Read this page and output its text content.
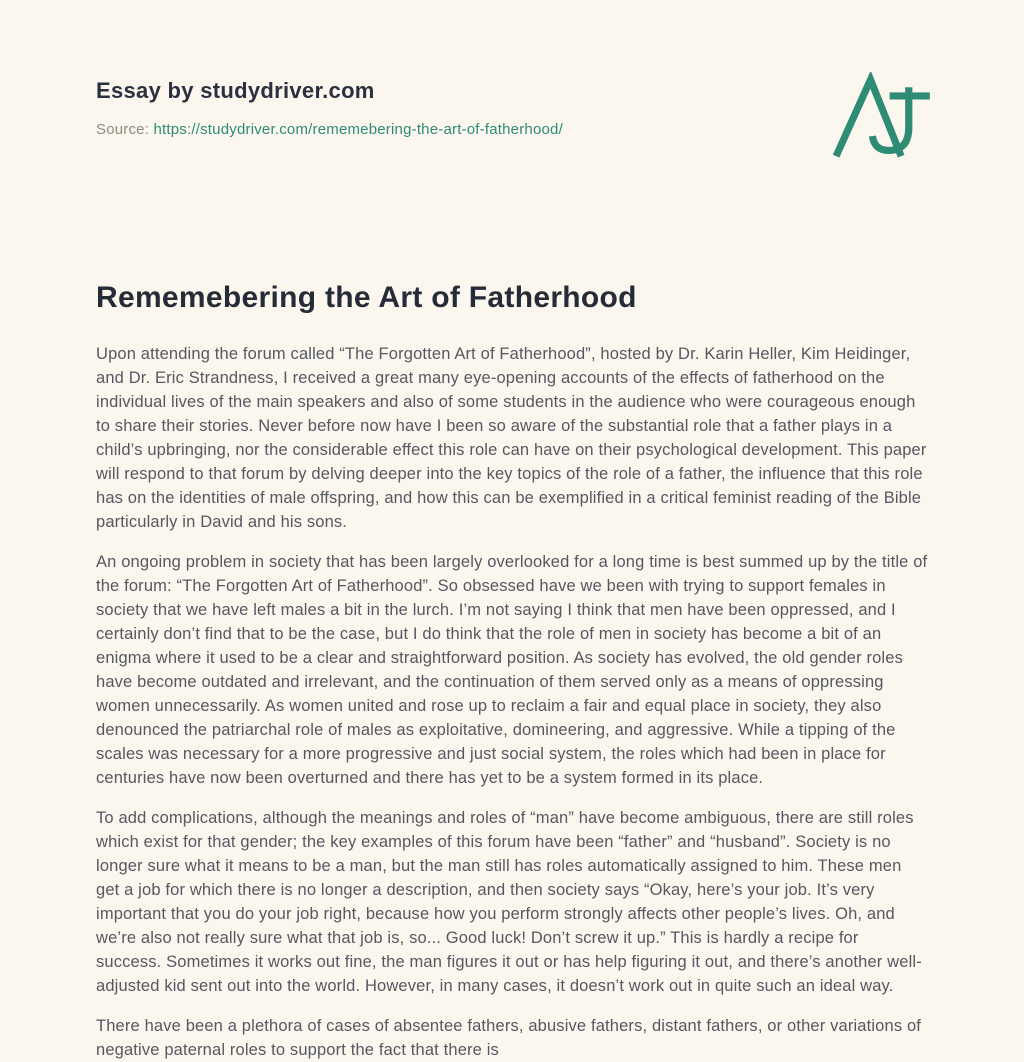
Essay by studydriver.com
Source: https://studydriver.com/rememebering-the-art-of-fatherhood/
Rememebering the Art of Fatherhood

Upon attending the forum called “The Forgotten Art of Fatherhood”, hosted by Dr. Karin Heller, Kim Heidinger, and Dr. Eric Strandness, I received a great many eye-opening accounts of the effects of fatherhood on the individual lives of the main speakers and also of some students in the audience who were courageous enough to share their stories. Never before now have I been so aware of the substantial role that a father plays in a child’s upbringing, nor the considerable effect this role can have on their psychological development. This paper will respond to that forum by delving deeper into the key topics of the role of a father, the influence that this role has on the identities of male offspring, and how this can be exemplified in a critical feminist reading of the Bible particularly in David and his sons.

An ongoing problem in society that has been largely overlooked for a long time is best summed up by the title of the forum: “The Forgotten Art of Fatherhood”. So obsessed have we been with trying to support females in society that we have left males a bit in the lurch. I’m not saying I think that men have been oppressed, and I certainly don’t find that to be the case, but I do think that the role of men in society has become a bit of an enigma where it used to be a clear and straightforward position. As society has evolved, the old gender roles have become outdated and irrelevant, and the continuation of them served only as a means of oppressing women unnecessarily. As women united and rose up to reclaim a fair and equal place in society, they also denounced the patriarchal role of males as exploitative, domineering, and aggressive. While a tipping of the scales was necessary for a more progressive and just social system, the roles which had been in place for centuries have now been overturned and there has yet to be a system formed in its place.

To add complications, although the meanings and roles of “man” have become ambiguous, there are still roles which exist for that gender; the key examples of this forum have been “father” and “husband”. Society is no longer sure what it means to be a man, but the man still has roles automatically assigned to him. These men get a job for which there is no longer a description, and then society says “Okay, here’s your job. It’s very important that you do your job right, because how you perform strongly affects other people’s lives. Oh, and we’re also not really sure what that job is, so... Good luck! Don’t screw it up.” This is hardly a recipe for success. Sometimes it works out fine, the man figures it out or has help figuring it out, and there’s another well-adjusted kid sent out into the world. However, in many cases, it doesn’t work out in quite such an ideal way.

There have been a plethora of cases of absentee fathers, abusive fathers, distant fathers, or other variations of negative paternal roles to support the fact that there is
